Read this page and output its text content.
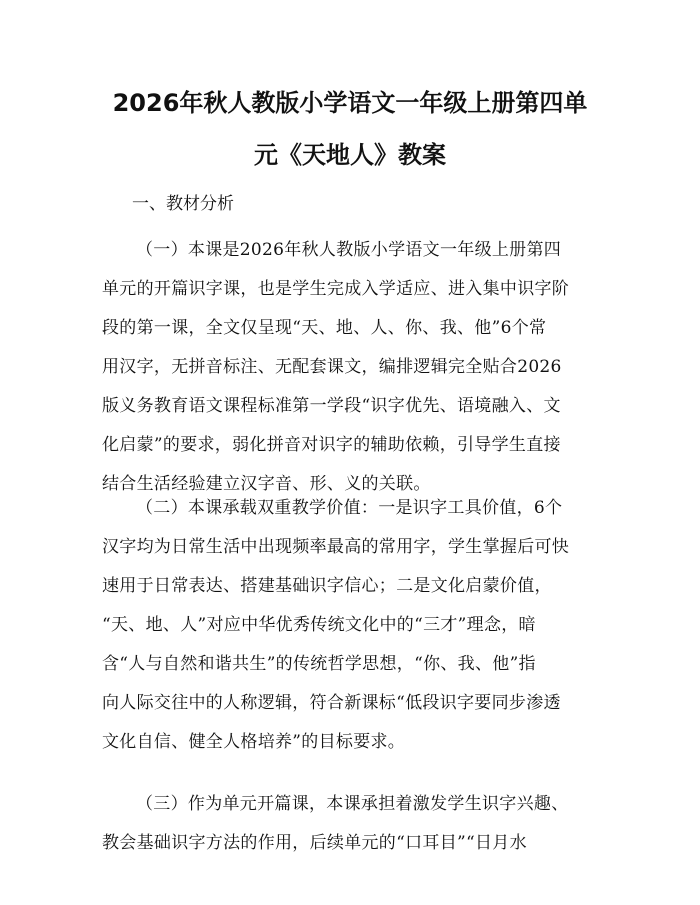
2026年秋人教版小学语文一年级上册第四单
元《天地人》教案

一、教材分析

（一）本课是2026年秋人教版小学语文一年级上册第四
单元的开篇识字课，也是学生完成入学适应、进入集中识字阶
段的第一课，全文仅呈现“天、地、人、你、我、他”6个常
用汉字，无拼音标注、无配套课文，编排逻辑完全贴合2026
版义务教育语文课程标准第一学段“识字优先、语境融入、文
化启蒙”的要求，弱化拼音对识字的辅助依赖，引导学生直接
结合生活经验建立汉字音、形、义的关联。
（二）本课承载双重教学价值：一是识字工具价值，6个
汉字均为日常生活中出现频率最高的常用字，学生掌握后可快
速用于日常表达、搭建基础识字信心；二是文化启蒙价值，
“天、地、人”对应中华优秀传统文化中的“三才”理念，暗
含“人与自然和谐共生”的传统哲学思想，“你、我、他”指
向人际交往中的人称逻辑，符合新课标“低段识字要同步渗透
文化自信、健全人格培养”的目标要求。
（三）作为单元开篇课，本课承担着激发学生识字兴趣、
教会基础识字方法的作用，后续单元的“口耳目”“日月水
